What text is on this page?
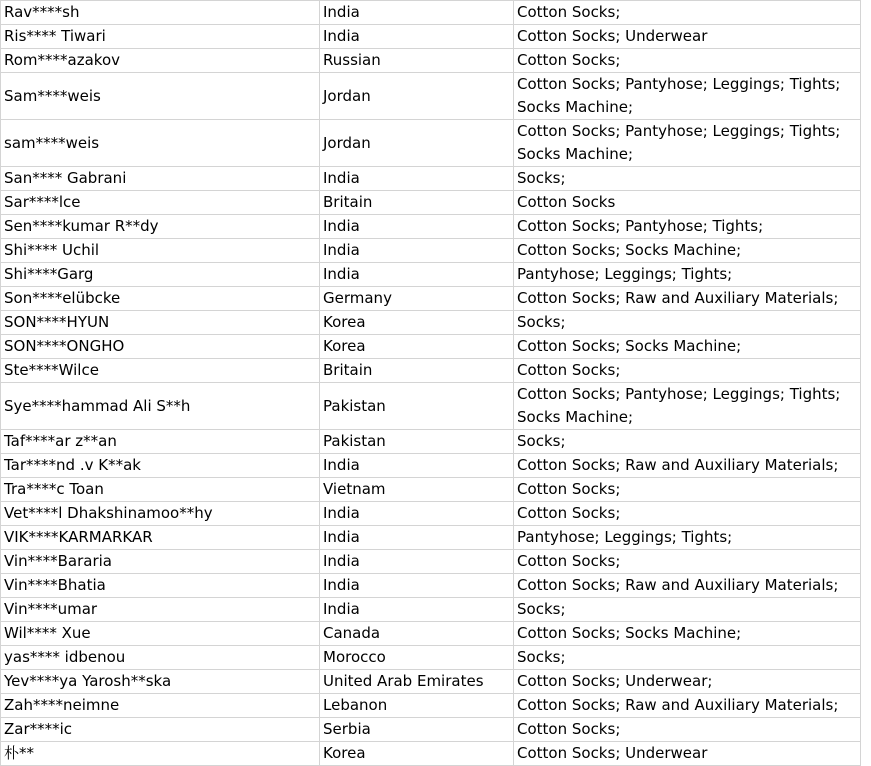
Rav****sh	India	Cotton Socks;
Ris**** Tiwari	India	Cotton Socks; Underwear
Rom****azakov	Russian	Cotton Socks;
Sam****weis	Jordan	Cotton Socks; Pantyhose; Leggings; Tights; Socks Machine;
sam****weis	Jordan	Cotton Socks; Pantyhose; Leggings; Tights; Socks Machine;
San**** Gabrani	India	Socks;
Sar****lce	Britain	Cotton Socks
Sen****kumar R**dy	India	Cotton Socks; Pantyhose; Tights;
Shi**** Uchil	India	Cotton Socks; Socks Machine;
Shi****Garg	India	Pantyhose; Leggings; Tights;
Son****elübcke	Germany	Cotton Socks; Raw and Auxiliary Materials;
SON****HYUN	Korea	Socks;
SON****ONGHO	Korea	Cotton Socks; Socks Machine;
Ste****Wilce	Britain	Cotton Socks;
Sye****hammad Ali S**h	Pakistan	Cotton Socks; Pantyhose; Leggings; Tights; Socks Machine;
Taf****ar z**an	Pakistan	Socks;
Tar****nd .v K**ak	India	Cotton Socks; Raw and Auxiliary Materials;
Tra****c Toan	Vietnam	Cotton Socks;
Vet****l Dhakshinamoo**hy	India	Cotton Socks;
VIK****KARMARKAR	India	Pantyhose; Leggings; Tights;
Vin****Bararia	India	Cotton Socks;
Vin****Bhatia	India	Cotton Socks; Raw and Auxiliary Materials;
Vin****umar	India	Socks;
Wil**** Xue	Canada	Cotton Socks; Socks Machine;
yas**** idbenou	Morocco	Socks;
Yev****ya Yarosh**ska	United Arab Emirates	Cotton Socks; Underwear;
Zah****neimne	Lebanon	Cotton Socks; Raw and Auxiliary Materials;
Zar****ic	Serbia	Cotton Socks;
朴**	Korea	Cotton Socks; Underwear
